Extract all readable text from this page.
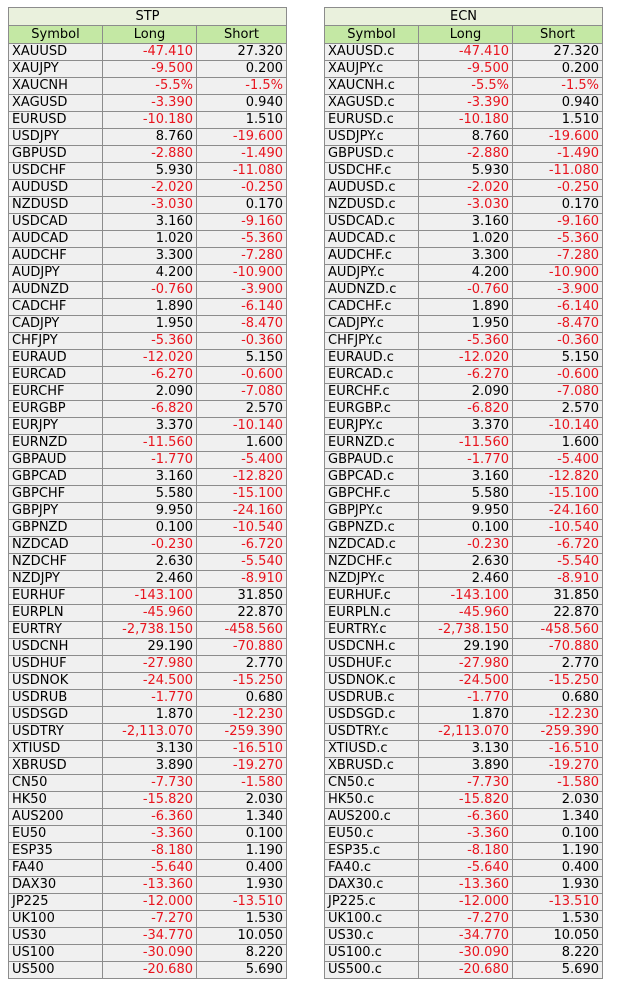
STP		
Symbol	Long	Short
XAUUSD	-47.410	27.320
XAUJPY	-9.500	0.200
XAUCNH	-5.5%	-1.5%
XAGUSD	-3.390	0.940
EURUSD	-10.180	1.510
USDJPY	8.760	-19.600
GBPUSD	-2.880	-1.490
USDCHF	5.930	-11.080
AUDUSD	-2.020	-0.250
NZDUSD	-3.030	0.170
USDCAD	3.160	-9.160
AUDCAD	1.020	-5.360
AUDCHF	3.300	-7.280
AUDJPY	4.200	-10.900
AUDNZD	-0.760	-3.900
CADCHF	1.890	-6.140
CADJPY	1.950	-8.470
CHFJPY	-5.360	-0.360
EURAUD	-12.020	5.150
EURCAD	-6.270	-0.600
EURCHF	2.090	-7.080
EURGBP	-6.820	2.570
EURJPY	3.370	-10.140
EURNZD	-11.560	1.600
GBPAUD	-1.770	-5.400
GBPCAD	3.160	-12.820
GBPCHF	5.580	-15.100
GBPJPY	9.950	-24.160
GBPNZD	0.100	-10.540
NZDCAD	-0.230	-6.720
NZDCHF	2.630	-5.540
NZDJPY	2.460	-8.910
EURHUF	-143.100	31.850
EURPLN	-45.960	22.870
EURTRY	-2,738.150	-458.560
USDCNH	29.190	-70.880
USDHUF	-27.980	2.770
USDNOK	-24.500	-15.250
USDRUB	-1.770	0.680
USDSGD	1.870	-12.230
USDTRY	-2,113.070	-259.390
XTIUSD	3.130	-16.510
XBRUSD	3.890	-19.270
CN50	-7.730	-1.580
HK50	-15.820	2.030
AUS200	-6.360	1.340
EU50	-3.360	0.100
ESP35	-8.180	1.190
FA40	-5.640	0.400
DAX30	-13.360	1.930
JP225	-12.000	-13.510
UK100	-7.270	1.530
US30	-34.770	10.050
US100	-30.090	8.220
US500	-20.680	5.690
ECN		
Symbol	Long	Short
XAUUSD.c	-47.410	27.320
XAUJPY.c	-9.500	0.200
XAUCNH.c	-5.5%	-1.5%
XAGUSD.c	-3.390	0.940
EURUSD.c	-10.180	1.510
USDJPY.c	8.760	-19.600
GBPUSD.c	-2.880	-1.490
USDCHF.c	5.930	-11.080
AUDUSD.c	-2.020	-0.250
NZDUSD.c	-3.030	0.170
USDCAD.c	3.160	-9.160
AUDCAD.c	1.020	-5.360
AUDCHF.c	3.300	-7.280
AUDJPY.c	4.200	-10.900
AUDNZD.c	-0.760	-3.900
CADCHF.c	1.890	-6.140
CADJPY.c	1.950	-8.470
CHFJPY.c	-5.360	-0.360
EURAUD.c	-12.020	5.150
EURCAD.c	-6.270	-0.600
EURCHF.c	2.090	-7.080
EURGBP.c	-6.820	2.570
EURJPY.c	3.370	-10.140
EURNZD.c	-11.560	1.600
GBPAUD.c	-1.770	-5.400
GBPCAD.c	3.160	-12.820
GBPCHF.c	5.580	-15.100
GBPJPY.c	9.950	-24.160
GBPNZD.c	0.100	-10.540
NZDCAD.c	-0.230	-6.720
NZDCHF.c	2.630	-5.540
NZDJPY.c	2.460	-8.910
EURHUF.c	-143.100	31.850
EURPLN.c	-45.960	22.870
EURTRY.c	-2,738.150	-458.560
USDCNH.c	29.190	-70.880
USDHUF.c	-27.980	2.770
USDNOK.c	-24.500	-15.250
USDRUB.c	-1.770	0.680
USDSGD.c	1.870	-12.230
USDTRY.c	-2,113.070	-259.390
XTIUSD.c	3.130	-16.510
XBRUSD.c	3.890	-19.270
CN50.c	-7.730	-1.580
HK50.c	-15.820	2.030
AUS200.c	-6.360	1.340
EU50.c	-3.360	0.100
ESP35.c	-8.180	1.190
FA40.c	-5.640	0.400
DAX30.c	-13.360	1.930
JP225.c	-12.000	-13.510
UK100.c	-7.270	1.530
US30.c	-34.770	10.050
US100.c	-30.090	8.220
US500.c	-20.680	5.690
